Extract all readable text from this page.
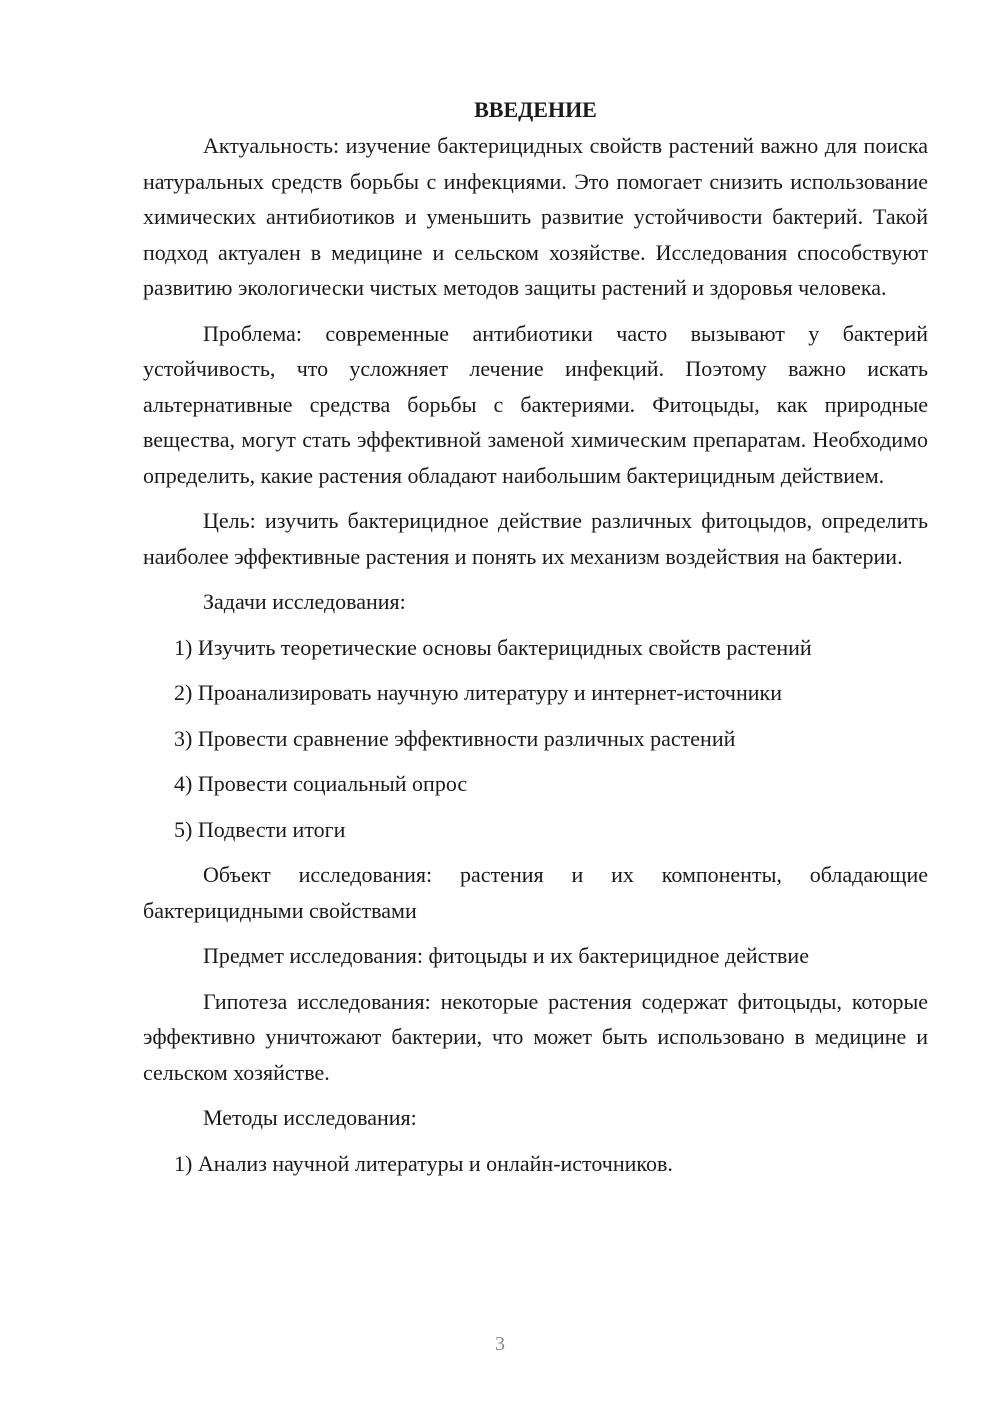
ВВЕДЕНИЕ

Актуальность: изучение бактерицидных свойств растений важно для поиска натуральных средств борьбы с инфекциями. Это помогает снизить использование химических антибиотиков и уменьшить развитие устойчивости бактерий. Такой подход актуален в медицине и сельском хозяйстве. Исследования способствуют развитию экологически чистых методов защиты растений и здоровья человека.

Проблема: современные антибиотики часто вызывают у бактерий устойчивость, что усложняет лечение инфекций. Поэтому важно искать альтернативные средства борьбы с бактериями. Фитоцыды, как природные вещества, могут стать эффективной заменой химическим препаратам. Необходимо определить, какие растения обладают наибольшим бактерицидным действием.

Цель: изучить бактерицидное действие различных фитоцыдов, определить наиболее эффективные растения и понять их механизм воздействия на бактерии.

Задачи исследования:

1) Изучить теоретические основы бактерицидных свойств растений
2) Проанализировать научную литературу и интернет-источники
3) Провести сравнение эффективности различных растений
4) Провести социальный опрос
5) Подвести итоги

Объект исследования: растения и их компоненты, обладающие бактерицидными свойствами

Предмет исследования: фитоцыды и их бактерицидное действие

Гипотеза исследования: некоторые растения содержат фитоцыды, которые эффективно уничтожают бактерии, что может быть использовано в медицине и сельском хозяйстве.

Методы исследования:

1) Анализ научной литературы и онлайн-источников.
3
